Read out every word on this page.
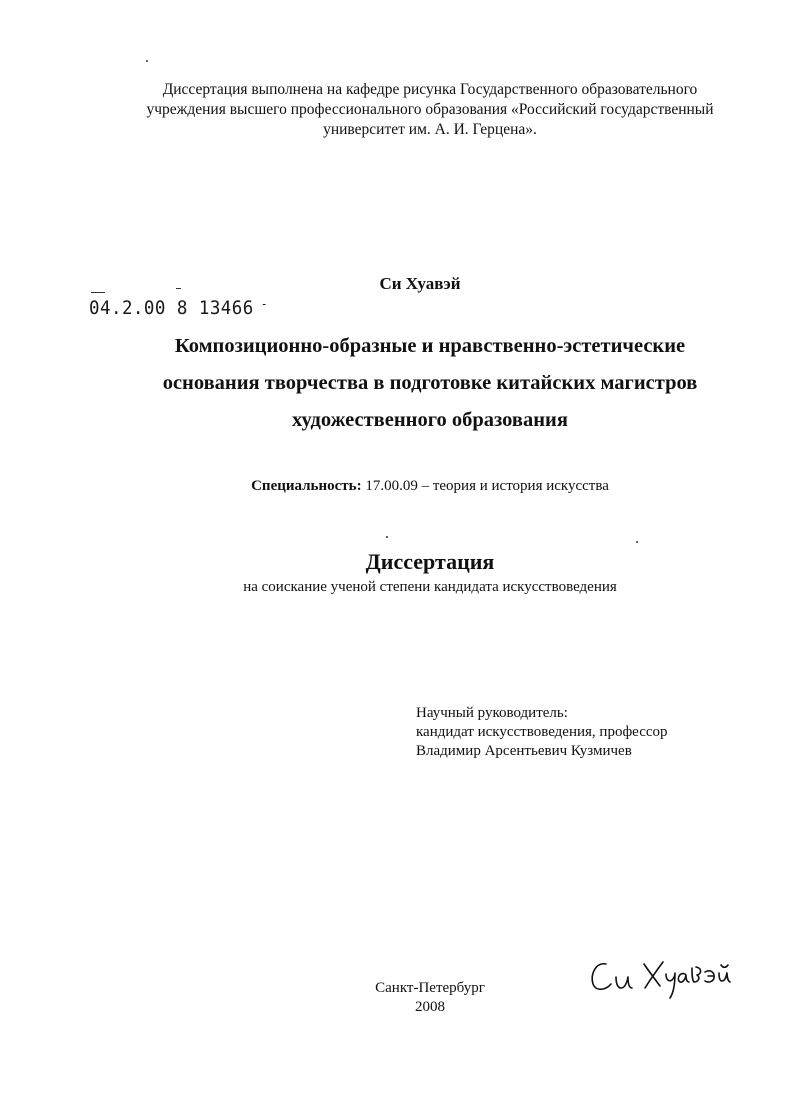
Диссертация выполнена на кафедре рисунка Государственного образовательного
учреждения высшего профессионального образования «Российский государственный
университет им. А. И. Герцена».
Си Хуавэй
04.2.00 8 13466 -
Композиционно-образные и нравственно-эстетические
основания творчества в подготовке китайских магистров
художественного образования
Специальность: 17.00.09 – теория и история искусства
Диссертация
на соискание ученой степени кандидата искусствоведения
Научный руководитель:
кандидат искусствоведения, профессор
Владимир Арсентьевич Кузмичев
Санкт-Петербург
2008
